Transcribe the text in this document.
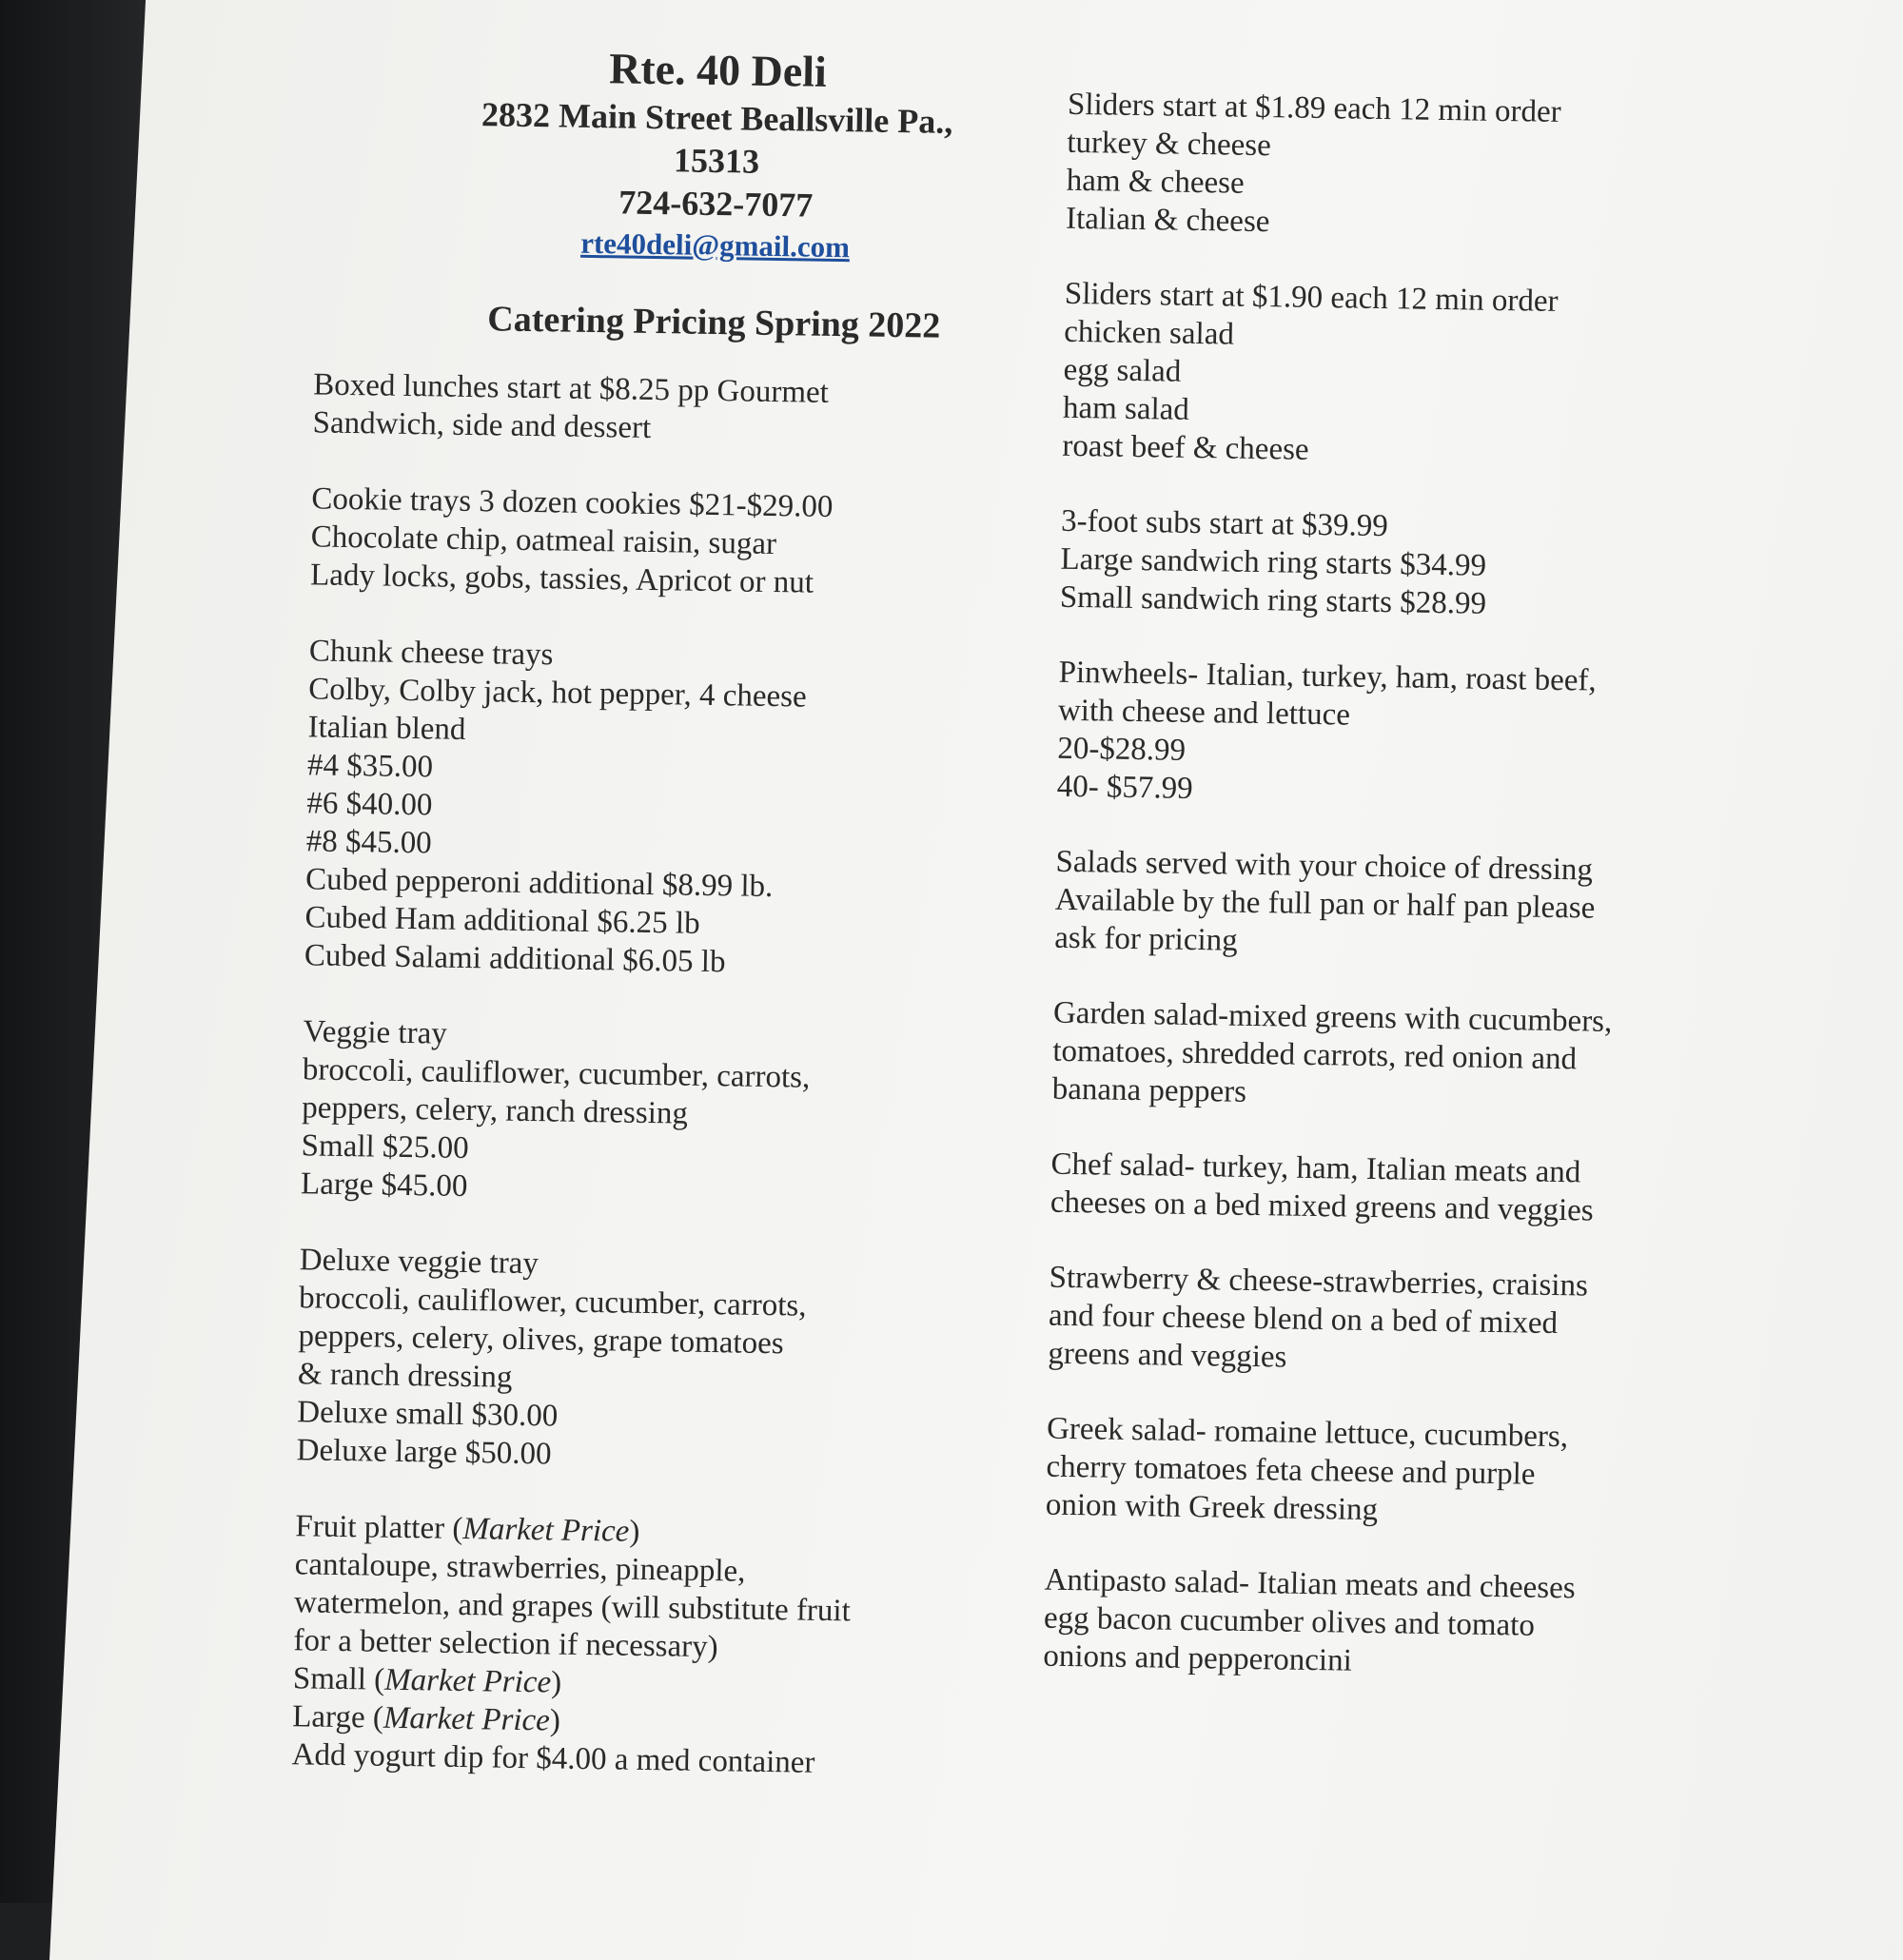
Rte. 40 Deli
2832 Main Street Beallsville Pa.,
15313
724-632-7077
rte40deli@gmail.com
Catering Pricing Spring 2022
Boxed lunches start at $8.25 pp Gourmet
Sandwich, side and dessert
Cookie trays 3 dozen cookies $21-$29.00
Chocolate chip, oatmeal raisin, sugar
Lady locks, gobs, tassies, Apricot or nut
Chunk cheese trays
Colby, Colby jack, hot pepper, 4 cheese
Italian blend
#4 $35.00
#6 $40.00
#8 $45.00
Cubed pepperoni additional $8.99 lb.
Cubed Ham additional $6.25 lb
Cubed Salami additional $6.05 lb
Veggie tray
broccoli, cauliflower, cucumber, carrots,
peppers, celery, ranch dressing
Small $25.00
Large $45.00
Deluxe veggie tray
broccoli, cauliflower, cucumber, carrots,
peppers, celery, olives, grape tomatoes
& ranch dressing
Deluxe small $30.00
Deluxe large $50.00
Fruit platter (Market Price)
cantaloupe, strawberries, pineapple,
watermelon, and grapes (will substitute fruit
for a better selection if necessary)
Small (Market Price)
Large (Market Price)
Add yogurt dip for $4.00 a med container
Sliders start at $1.89 each 12 min order
turkey & cheese
ham & cheese
Italian & cheese
Sliders start at $1.90 each 12 min order
chicken salad
egg salad
ham salad
roast beef & cheese
3-foot subs start at $39.99
Large sandwich ring starts $34.99
Small sandwich ring starts $28.99
Pinwheels- Italian, turkey, ham, roast beef,
with cheese and lettuce
20-$28.99
40- $57.99
Salads served with your choice of dressing
Available by the full pan or half pan please
ask for pricing
Garden salad-mixed greens with cucumbers,
tomatoes, shredded carrots, red onion and
banana peppers
Chef salad- turkey, ham, Italian meats and
cheeses on a bed mixed greens and veggies
Strawberry & cheese-strawberries, craisins
and four cheese blend on a bed of mixed
greens and veggies
Greek salad- romaine lettuce, cucumbers,
cherry tomatoes feta cheese and purple
onion with Greek dressing
Antipasto salad- Italian meats and cheeses
egg bacon cucumber olives and tomato
onions and pepperoncini
